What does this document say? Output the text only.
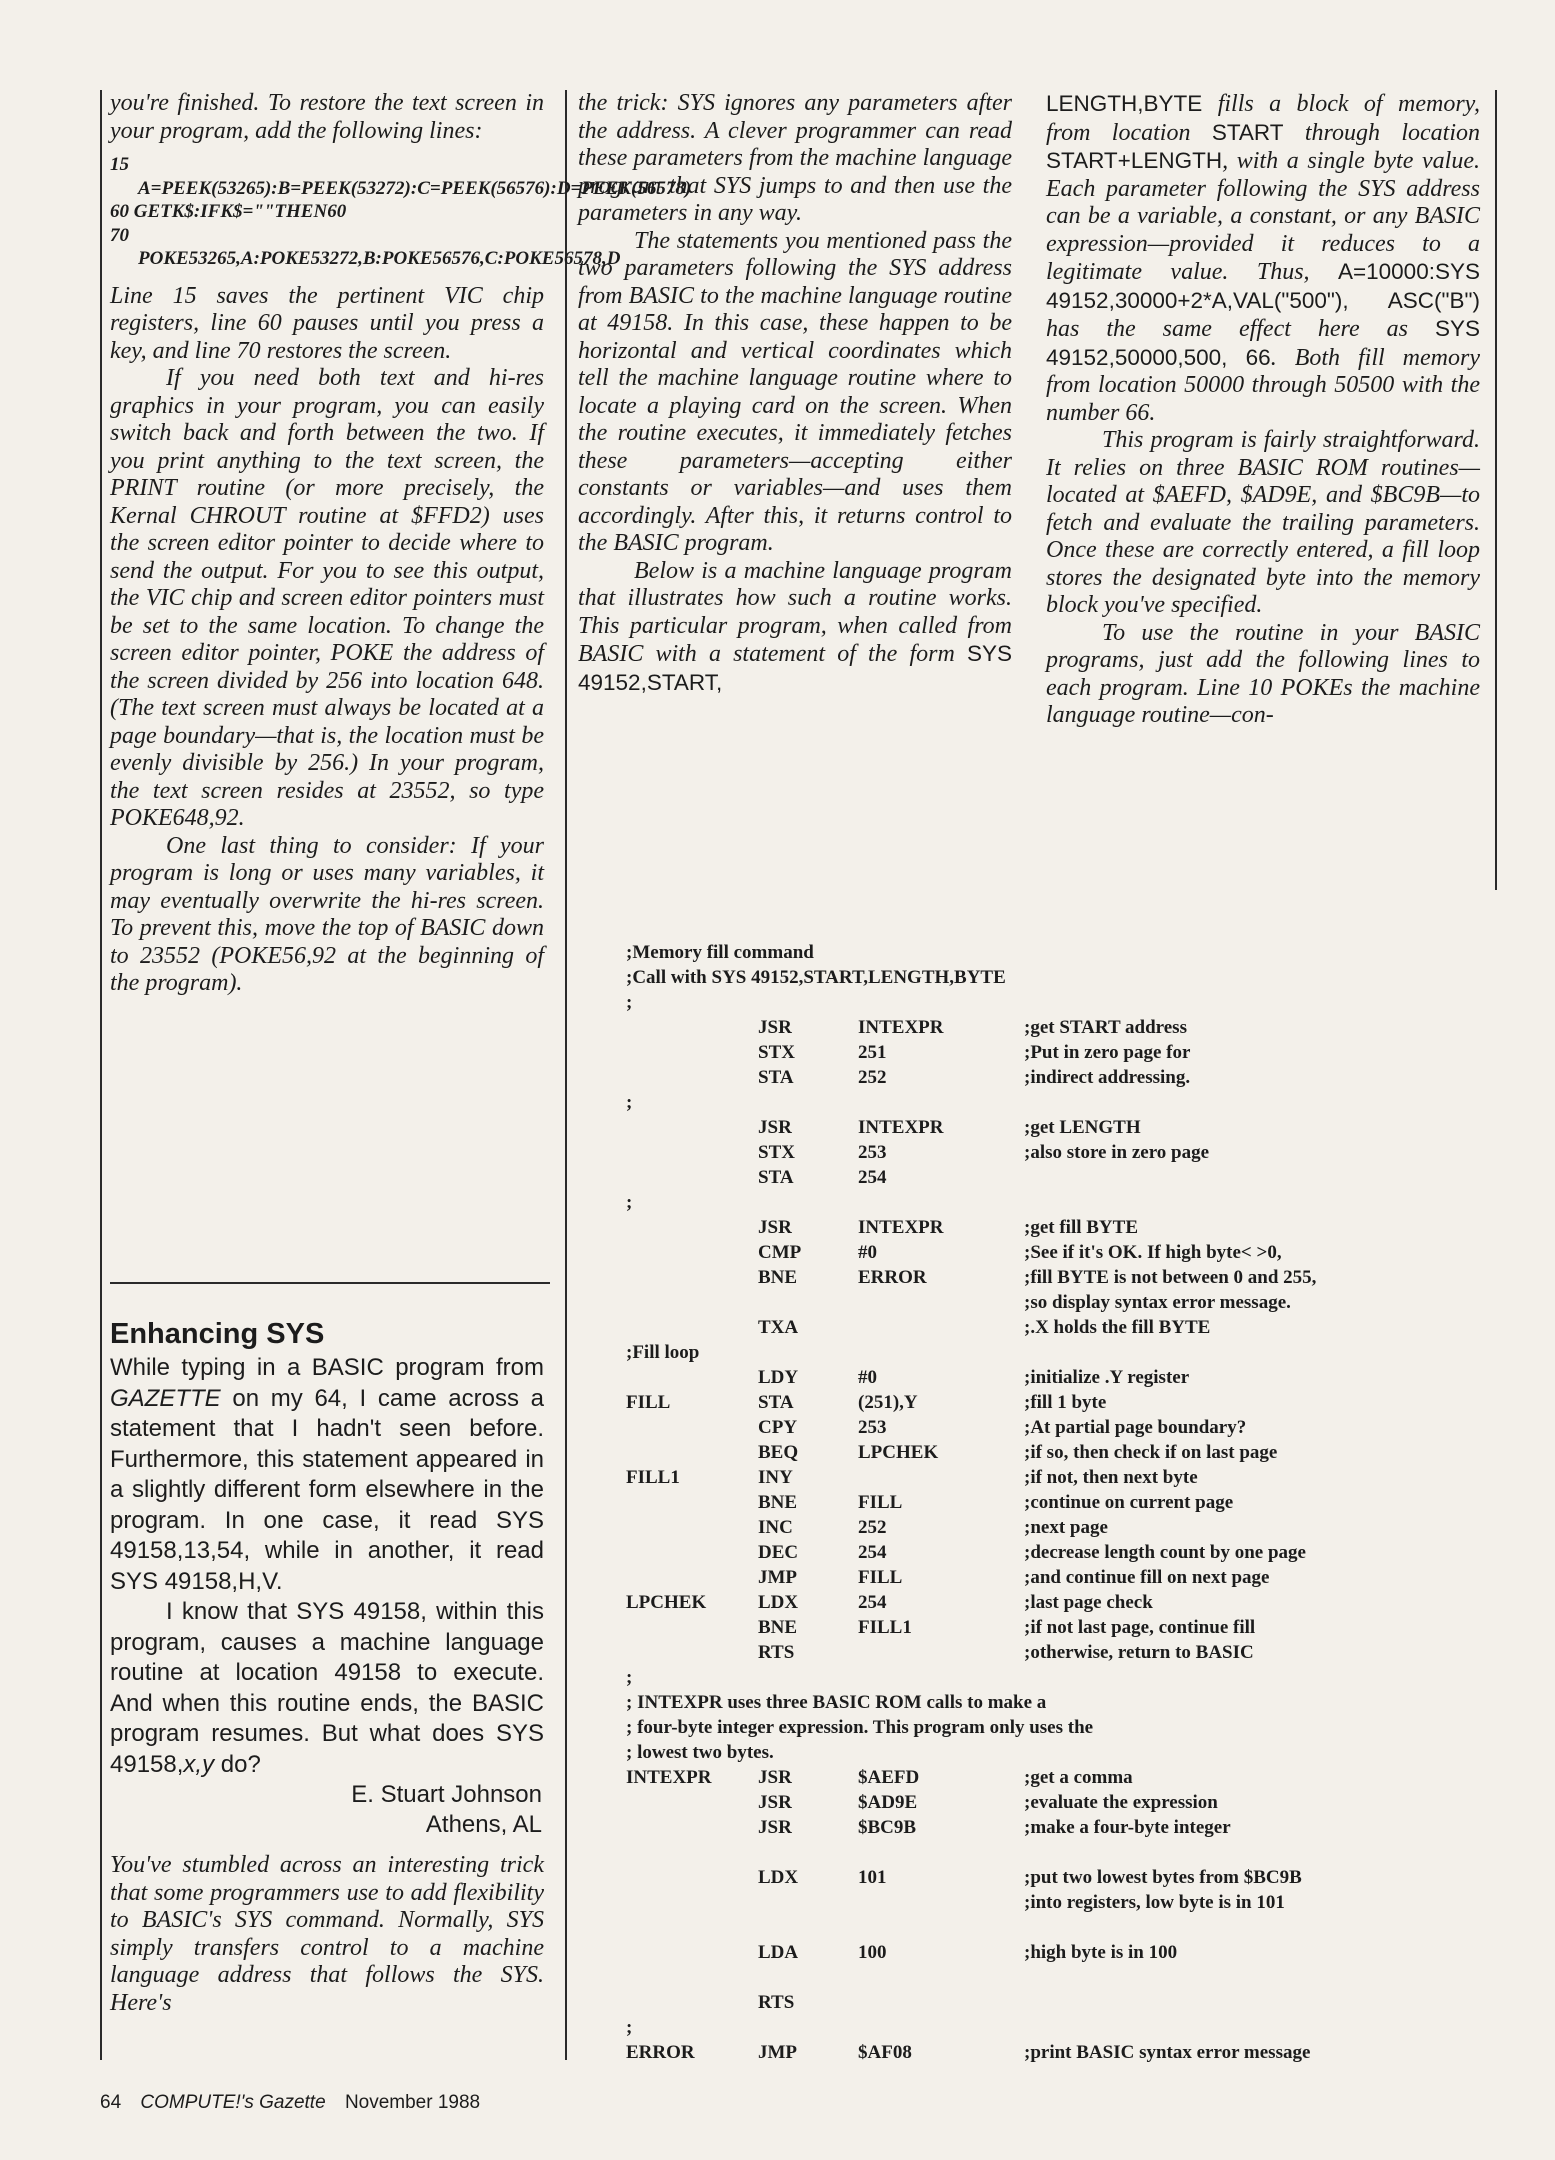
you're finished. To restore the text screen in your program, add the following lines:

15 A=PEEK(53265):B=PEEK(53272):C=PEEK(56576):D=PEEK(56578)
60 GETK$:IFK$=""THEN60
70 POKE53265,A:POKE53272,B:POKE56576,C:POKE56578,D

Line 15 saves the pertinent VIC chip registers, line 60 pauses until you press a key, and line 70 restores the screen.

If you need both text and hi-res graphics in your program, you can easily switch back and forth between the two. If you print anything to the text screen, the PRINT routine (or more precisely, the Kernal CHROUT routine at $FFD2) uses the screen editor pointer to decide where to send the output. For you to see this output, the VIC chip and screen editor pointers must be set to the same location. To change the screen editor pointer, POKE the address of the screen divided by 256 into location 648. (The text screen must always be located at a page boundary—that is, the location must be evenly divisible by 256.) In your program, the text screen resides at 23552, so type POKE648,92.

One last thing to consider: If your program is long or uses many variables, it may eventually overwrite the hi-res screen. To prevent this, move the top of BASIC down to 23552 (POKE56,92 at the beginning of the program).

Enhancing SYS

While typing in a BASIC program from GAZETTE on my 64, I came across a statement that I hadn't seen before. Furthermore, this statement appeared in a slightly different form elsewhere in the program. In one case, it read SYS 49158,13,54, while in another, it read SYS 49158,H,V.

I know that SYS 49158, within this program, causes a machine language routine at location 49158 to execute. And when this routine ends, the BASIC program resumes. But what does SYS 49158,x,y do?

E. Stuart Johnson
Athens, AL

You've stumbled across an interesting trick that some programmers use to add flexibility to BASIC's SYS command. Normally, SYS simply transfers control to a machine language address that follows the SYS. Here's

the trick: SYS ignores any parameters after the address. A clever programmer can read these parameters from the machine language program that SYS jumps to and then use the parameters in any way.

The statements you mentioned pass the two parameters following the SYS address from BASIC to the machine language routine at 49158. In this case, these happen to be horizontal and vertical coordinates which tell the machine language routine where to locate a playing card on the screen. When the routine executes, it immediately fetches these parameters—accepting either constants or variables—and uses them accordingly. After this, it returns control to the BASIC program.

Below is a machine language program that illustrates how such a routine works. This particular program, when called from BASIC with a statement of the form SYS 49152,START,

LENGTH,BYTE fills a block of memory, from location START through location START+LENGTH, with a single byte value. Each parameter following the SYS address can be a variable, a constant, or any BASIC expression—provided it reduces to a legitimate value. Thus, A=10000:SYS 49152,30000+2*A,VAL("500"), ASC("B") has the same effect here as SYS 49152,50000,500, 66. Both fill memory from location 50000 through 50500 with the number 66.

This program is fairly straightforward. It relies on three BASIC ROM routines—located at $AEFD, $AD9E, and $BC9B—to fetch and evaluate the trailing parameters. Once these are correctly entered, a fill loop stores the designated byte into the memory block you've specified.

To use the routine in your BASIC programs, just add the following lines to each program. Line 10 POKEs the machine language routine—con-

;Memory fill command
;Call with SYS 49152,START,LENGTH,BYTE
;
JSR	INTEXPR	;get START address
STX	251	;Put in zero page for
STA	252	;indirect addressing.
;
JSR	INTEXPR	;get LENGTH
STX	253	;also store in zero page
STA	254
;
JSR	INTEXPR	;get fill BYTE
CMP	#0	;See if it's OK. If high byte< >0,
BNE	ERROR	;fill BYTE is not between 0 and 255,
;so display syntax error message.
TXA	;.X holds the fill BYTE
;Fill loop
LDY	#0	;initialize .Y register
FILL	STA	(251),Y	;fill 1 byte
CPY	253	;At partial page boundary?
BEQ	LPCHEK	;if so, then check if on last page
FILL1	INY	;if not, then next byte
BNE	FILL	;continue on current page
INC	252	;next page
DEC	254	;decrease length count by one page
JMP	FILL	;and continue fill on next page
LPCHEK	LDX	254	;last page check
BNE	FILL1	;if not last page, continue fill
RTS	;otherwise, return to BASIC
;
; INTEXPR uses three BASIC ROM calls to make a
; four-byte integer expression. This program only uses the
; lowest two bytes.
INTEXPR JSR	$AEFD	;get a comma
JSR	$AD9E	;evaluate the expression
JSR	$BC9B	;make a four-byte integer
LDX	101	;put two lowest bytes from $BC9B
;into registers, low byte is in 101
LDA	100	;high byte is in 100
RTS
;
ERROR	JMP	$AF08	;print BASIC syntax error message
64 COMPUTE!'s Gazette November 1988
